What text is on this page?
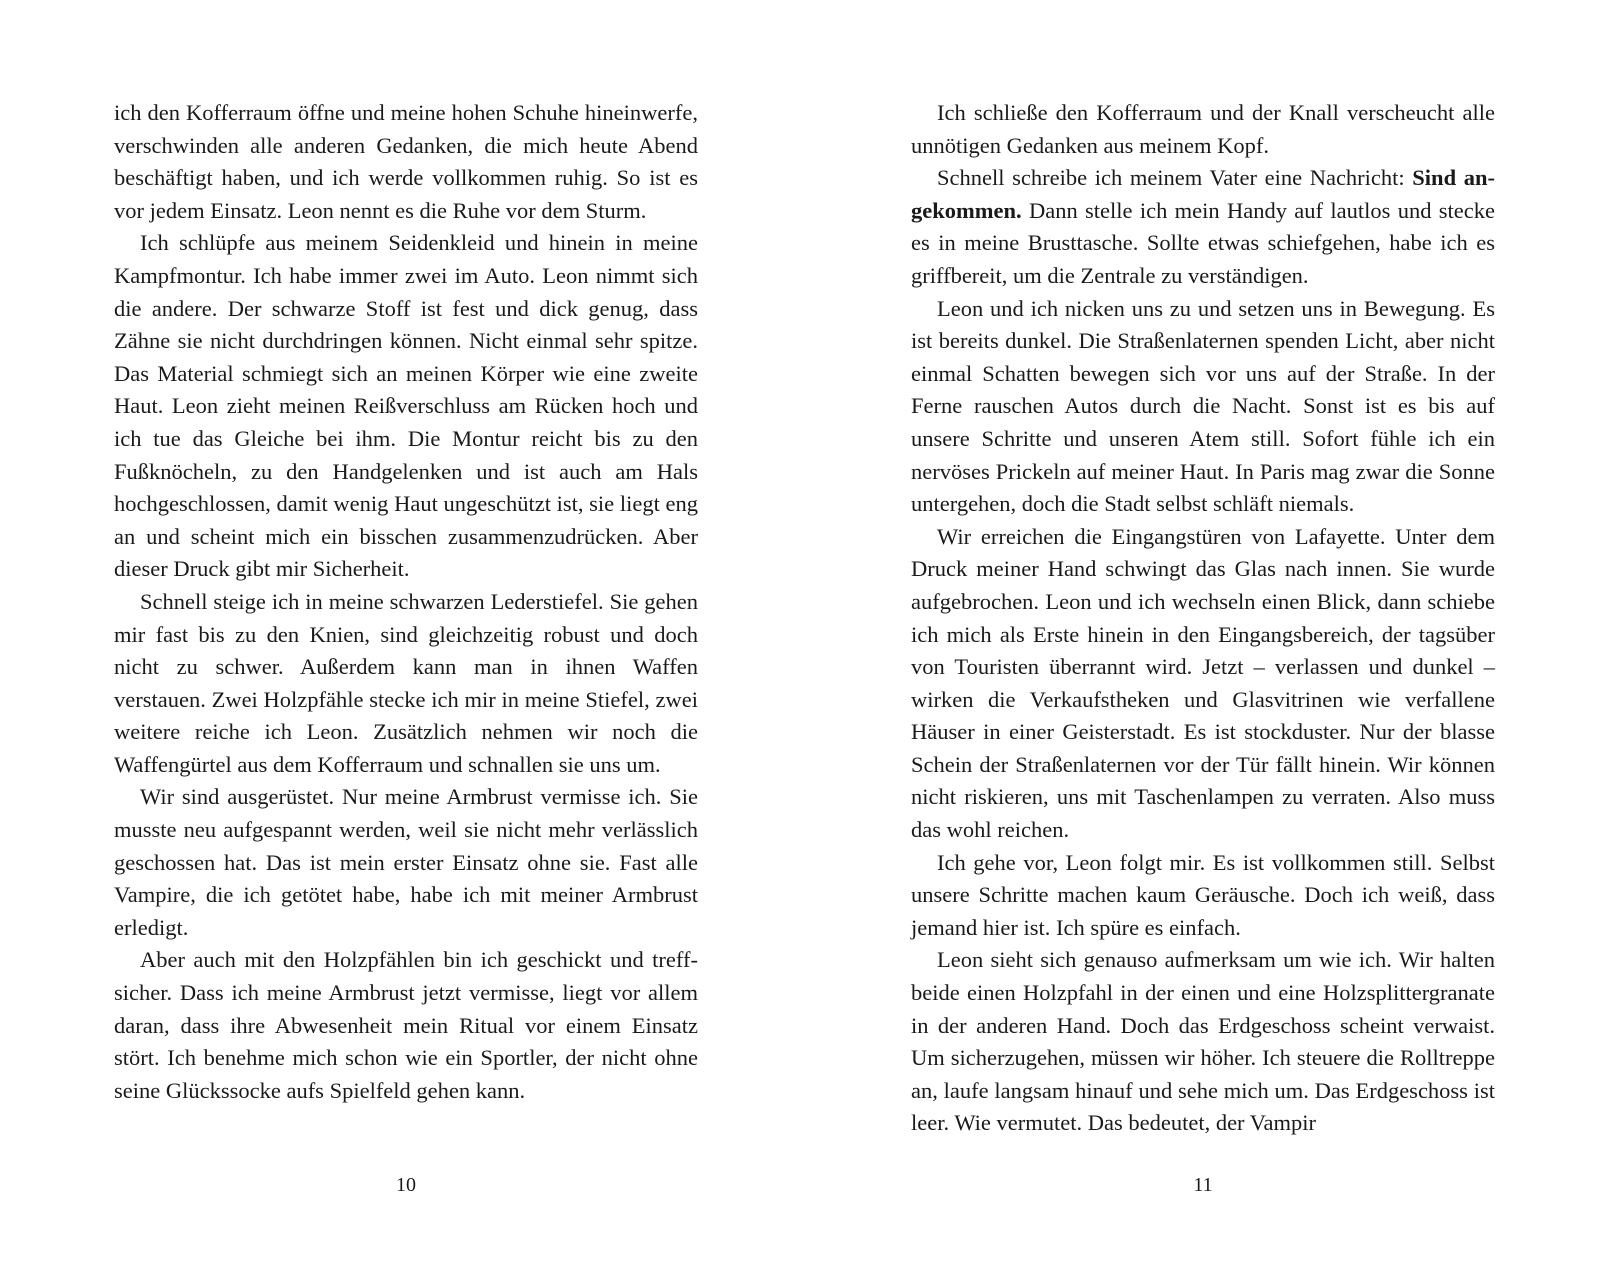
ich den Kofferraum öffne und meine hohen Schuhe hineinwerfe, verschwinden alle anderen Gedanken, die mich heute Abend beschäftigt haben, und ich werde vollkommen ruhig. So ist es vor jedem Einsatz. Leon nennt es die Ruhe vor dem Sturm.

Ich schlüpfe aus meinem Seidenkleid und hinein in meine Kampfmontur. Ich habe immer zwei im Auto. Leon nimmt sich die andere. Der schwarze Stoff ist fest und dick genug, dass Zähne sie nicht durchdringen können. Nicht einmal sehr spitze. Das Material schmiegt sich an meinen Körper wie eine zweite Haut. Leon zieht meinen Reißverschluss am Rücken hoch und ich tue das Gleiche bei ihm. Die Montur reicht bis zu den Fußknöcheln, zu den Handgelenken und ist auch am Hals hochgeschlossen, damit wenig Haut ungeschützt ist, sie liegt eng an und scheint mich ein bisschen zusammenzudrücken. Aber dieser Druck gibt mir Sicherheit.

Schnell steige ich in meine schwarzen Lederstiefel. Sie gehen mir fast bis zu den Knien, sind gleichzeitig robust und doch nicht zu schwer. Außerdem kann man in ihnen Waffen verstauen. Zwei Holzpfähle stecke ich mir in meine Stiefel, zwei weitere reiche ich Leon. Zusätzlich nehmen wir noch die Waffengürtel aus dem Kofferraum und schnallen sie uns um.

Wir sind ausgerüstet. Nur meine Armbrust vermisse ich. Sie musste neu aufgespannt werden, weil sie nicht mehr verlässlich geschossen hat. Das ist mein erster Einsatz ohne sie. Fast alle Vampire, die ich getötet habe, habe ich mit meiner Armbrust erledigt.

Aber auch mit den Holzpfählen bin ich geschickt und treffsicher. Dass ich meine Armbrust jetzt vermisse, liegt vor allem daran, dass ihre Abwesenheit mein Ritual vor einem Einsatz stört. Ich benehme mich schon wie ein Sportler, der nicht ohne seine Glückssocke aufs Spielfeld gehen kann.

10

Ich schließe den Kofferraum und der Knall verscheucht alle unnötigen Gedanken aus meinem Kopf.

Schnell schreibe ich meinem Vater eine Nachricht: Sind angekommen. Dann stelle ich mein Handy auf lautlos und stecke es in meine Brusttasche. Sollte etwas schiefgehen, habe ich es griffbereit, um die Zentrale zu verständigen.

Leon und ich nicken uns zu und setzen uns in Bewegung. Es ist bereits dunkel. Die Straßenlaternen spenden Licht, aber nicht einmal Schatten bewegen sich vor uns auf der Straße. In der Ferne rauschen Autos durch die Nacht. Sonst ist es bis auf unsere Schritte und unseren Atem still. Sofort fühle ich ein nervöses Prickeln auf meiner Haut. In Paris mag zwar die Sonne untergehen, doch die Stadt selbst schläft niemals.

Wir erreichen die Eingangstüren von Lafayette. Unter dem Druck meiner Hand schwingt das Glas nach innen. Sie wurde aufgebrochen. Leon und ich wechseln einen Blick, dann schiebe ich mich als Erste hinein in den Eingangsbereich, der tagsüber von Touristen überrannt wird. Jetzt – verlassen und dunkel – wirken die Verkaufstheken und Glasvitrinen wie verfallene Häuser in einer Geisterstadt. Es ist stockduster. Nur der blasse Schein der Straßenlaternen vor der Tür fällt hinein. Wir können nicht riskieren, uns mit Taschenlampen zu verraten. Also muss das wohl reichen.

Ich gehe vor, Leon folgt mir. Es ist vollkommen still. Selbst unsere Schritte machen kaum Geräusche. Doch ich weiß, dass jemand hier ist. Ich spüre es einfach.

Leon sieht sich genauso aufmerksam um wie ich. Wir halten beide einen Holzpfahl in der einen und eine Holzsplittergranate in der anderen Hand. Doch das Erdgeschoss scheint verwaist. Um sicherzugehen, müssen wir höher. Ich steuere die Rolltreppe an, laufe langsam hinauf und sehe mich um. Das Erdgeschoss ist leer. Wie vermutet. Das bedeutet, der Vampir

11
